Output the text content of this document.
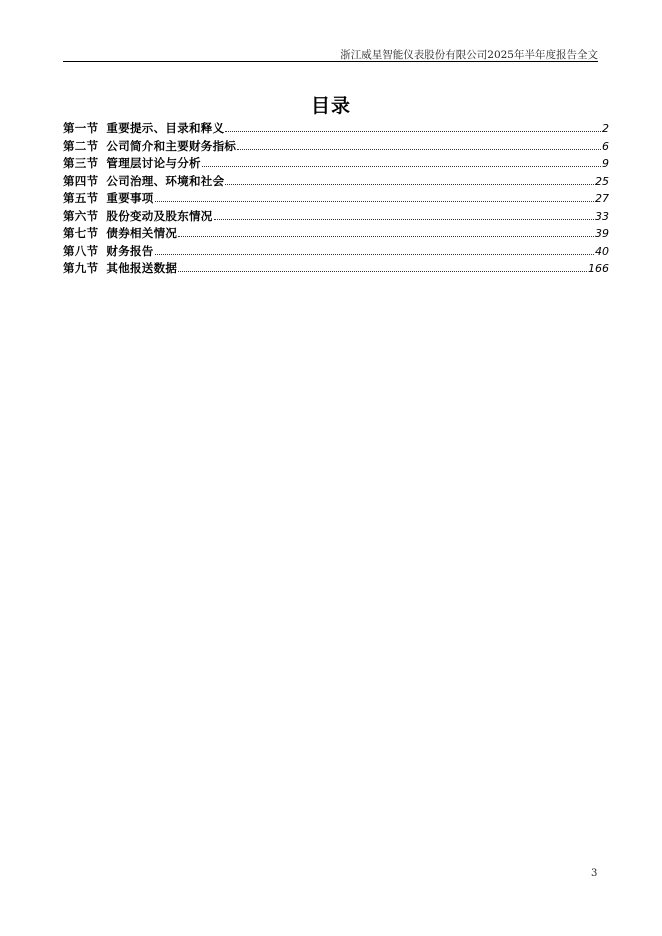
浙江威星智能仪表股份有限公司2025年半年度报告全文
目录
第一节 重要提示、目录和释义	2
第二节 公司简介和主要财务指标	6
第三节 管理层讨论与分析	9
第四节 公司治理、环境和社会	25
第五节 重要事项	27
第六节 股份变动及股东情况	33
第七节 债券相关情况	39
第八节 财务报告	40
第九节 其他报送数据	166
3
